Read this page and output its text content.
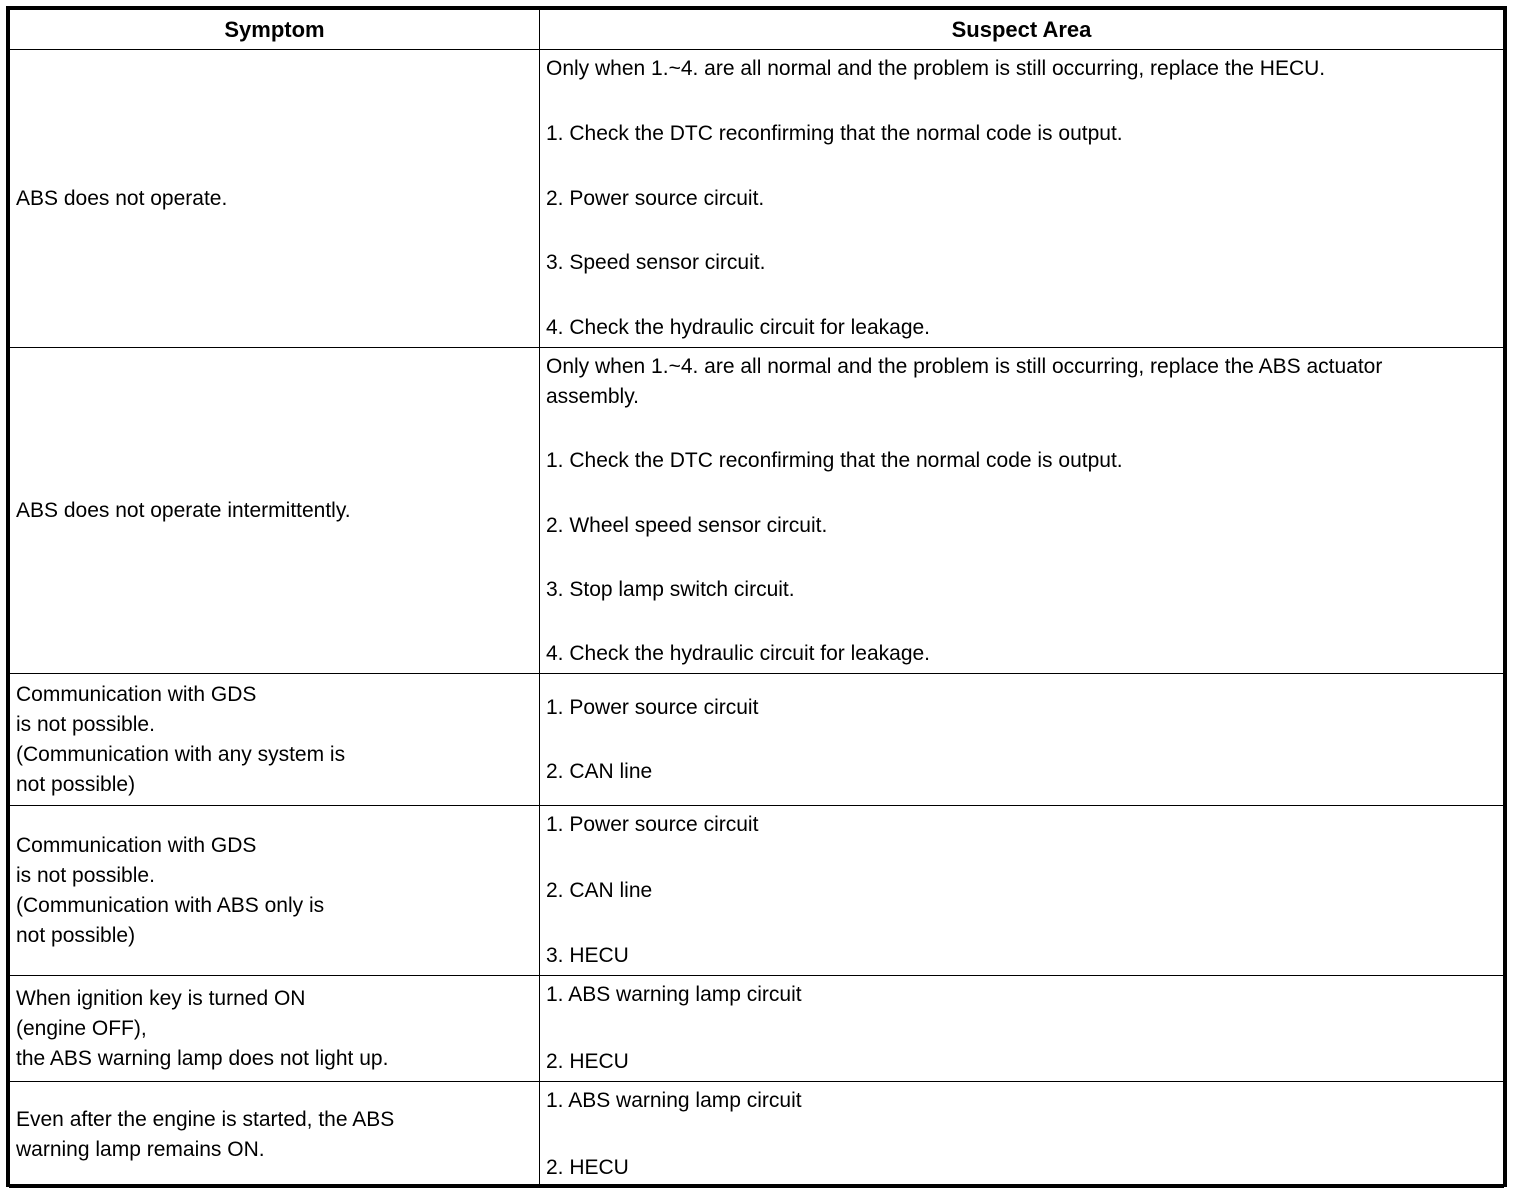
Symptom	Suspect Area

ABS does not operate.	Only when 1.~4. are all normal and the problem is still occurring, replace the HECU.
1. Check the DTC reconfirming that the normal code is output.
2. Power source circuit.
3. Speed sensor circuit.
4. Check the hydraulic circuit for leakage.

ABS does not operate intermittently.	Only when 1.~4. are all normal and the problem is still occurring, replace the ABS actuator assembly.
1. Check the DTC reconfirming that the normal code is output.
2. Wheel speed sensor circuit.
3. Stop lamp switch circuit.
4. Check the hydraulic circuit for leakage.

Communication with GDS
is not possible.
(Communication with any system is
not possible)	1. Power source circuit
2. CAN line

Communication with GDS
is not possible.
(Communication with ABS only is
not possible)	1. Power source circuit
2. CAN line
3. HECU

When ignition key is turned ON
(engine OFF),
the ABS warning lamp does not light up.	1. ABS warning lamp circuit
2. HECU

Even after the engine is started, the ABS
warning lamp remains ON.	1. ABS warning lamp circuit
2. HECU
